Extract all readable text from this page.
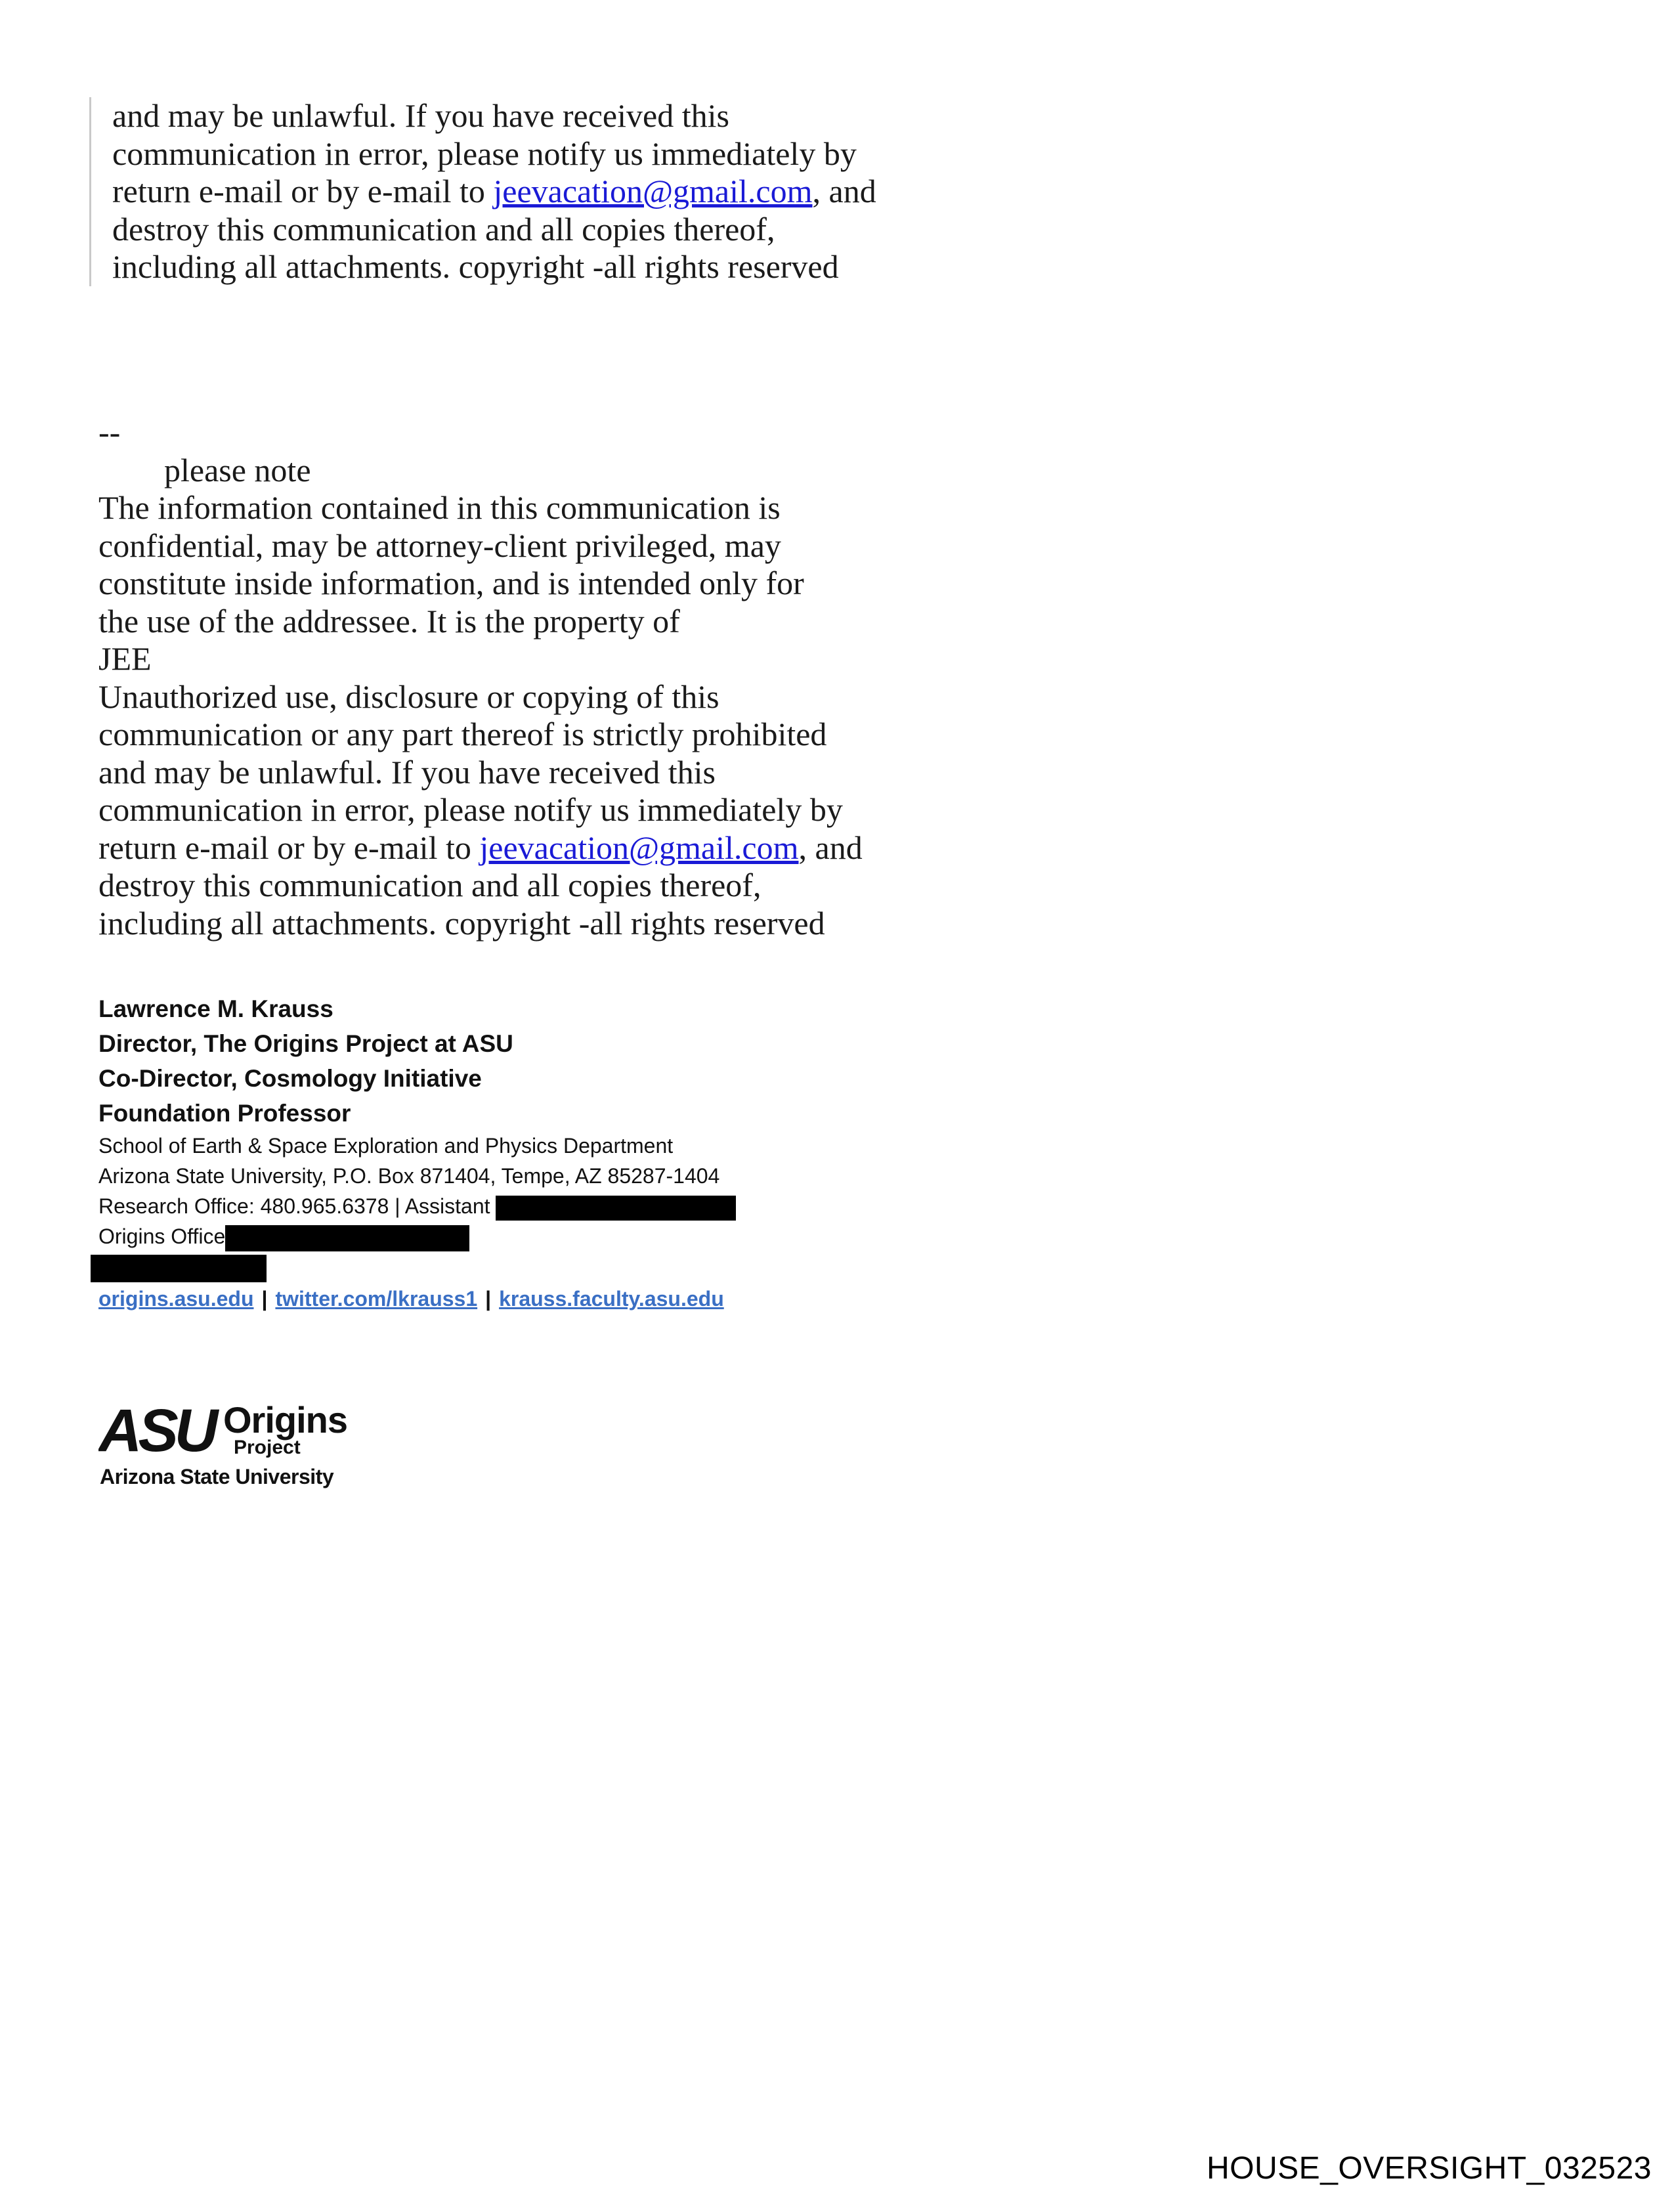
and may be unlawful. If you have received this
communication in error, please notify us immediately by
return e-mail or by e-mail to jeevacation@gmail.com, and
destroy this communication and all copies thereof,
including all attachments. copyright -all rights reserved
--
please note
The information contained in this communication is
confidential, may be attorney-client privileged, may
constitute inside information, and is intended only for
the use of the addressee. It is the property of
JEE
Unauthorized use, disclosure or copying of this
communication or any part thereof is strictly prohibited
and may be unlawful. If you have received this
communication in error, please notify us immediately by
return e-mail or by e-mail to jeevacation@gmail.com, and
destroy this communication and all copies thereof,
including all attachments. copyright -all rights reserved
Lawrence M. Krauss
Director, The Origins Project at ASU
Co-Director, Cosmology Initiative
Foundation Professor
School of Earth & Space Exploration and Physics Department
Arizona State University, P.O. Box 871404, Tempe, AZ 85287-1404
Research Office: 480.965.6378 | Assistant
Origins Office
origins.asu.edu | twitter.com/lkrauss1 | krauss.faculty.asu.edu
ASU Origins
Project
Arizona State University
HOUSE_OVERSIGHT_032523
